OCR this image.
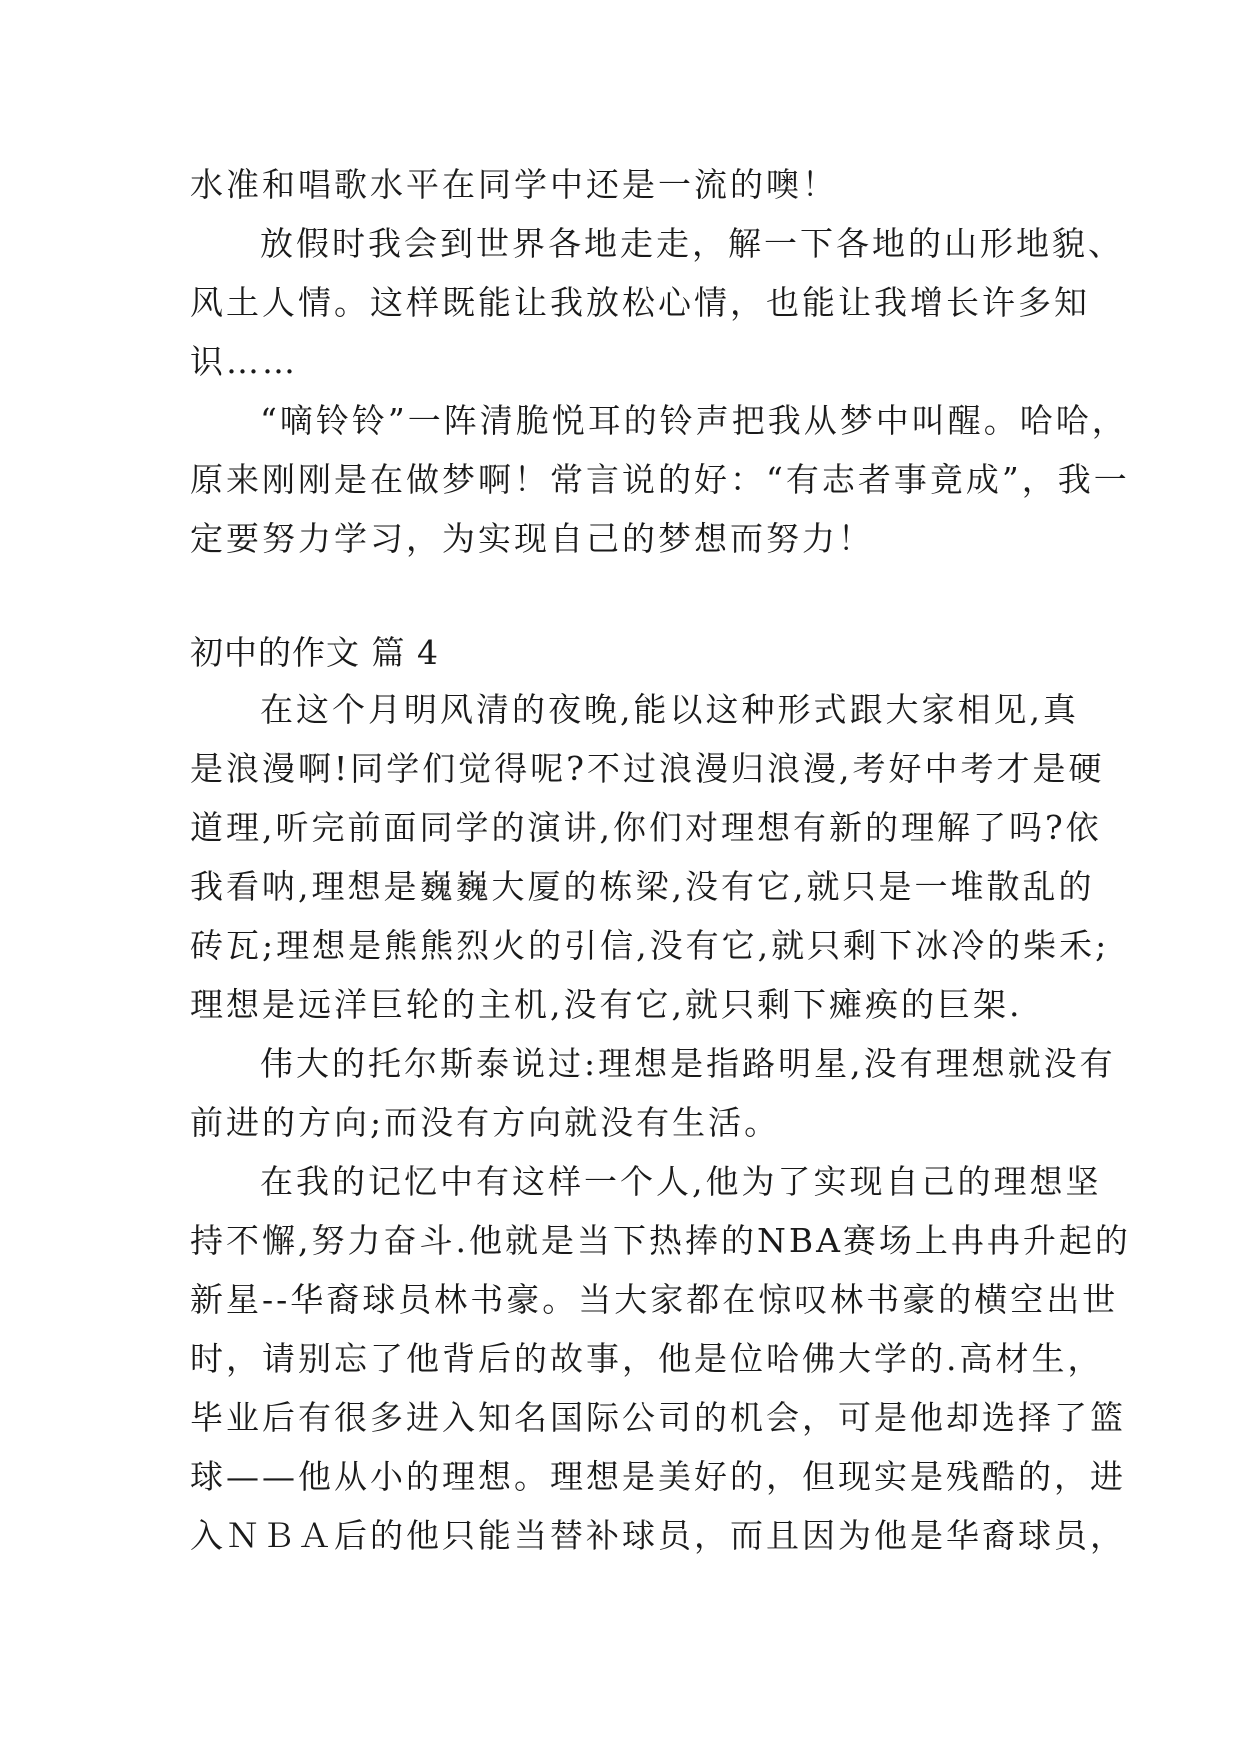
水准和唱歌水平在同学中还是一流的噢！
放假时我会到世界各地走走，解一下各地的山形地貌、
风土人情。这样既能让我放松心情，也能让我增长许多知
识……
“嘀铃铃”一阵清脆悦耳的铃声把我从梦中叫醒。哈哈，
原来刚刚是在做梦啊！常言说的好：“有志者事竟成”，我一
定要努力学习，为实现自己的梦想而努力！
初中的作文 篇 4
在这个月明风清的夜晚,能以这种形式跟大家相见,真
是浪漫啊!同学们觉得呢?不过浪漫归浪漫,考好中考才是硬
道理,听完前面同学的演讲,你们对理想有新的理解了吗?依
我看呐,理想是巍巍大厦的栋梁,没有它,就只是一堆散乱的
砖瓦;理想是熊熊烈火的引信,没有它,就只剩下冰冷的柴禾;
理想是远洋巨轮的主机,没有它,就只剩下瘫痪的巨架.
伟大的托尔斯泰说过:理想是指路明星,没有理想就没有
前进的方向;而没有方向就没有生活。
在我的记忆中有这样一个人,他为了实现自己的理想坚
持不懈,努力奋斗.他就是当下热捧的NBA赛场上冉冉升起的
新星--华裔球员林书豪。当大家都在惊叹林书豪的横空出世
时，请别忘了他背后的故事，他是位哈佛大学的.高材生，
毕业后有很多进入知名国际公司的机会，可是他却选择了篮
球——他从小的理想。理想是美好的，但现实是残酷的，进
入ＮＢＡ后的他只能当替补球员，而且因为他是华裔球员，
